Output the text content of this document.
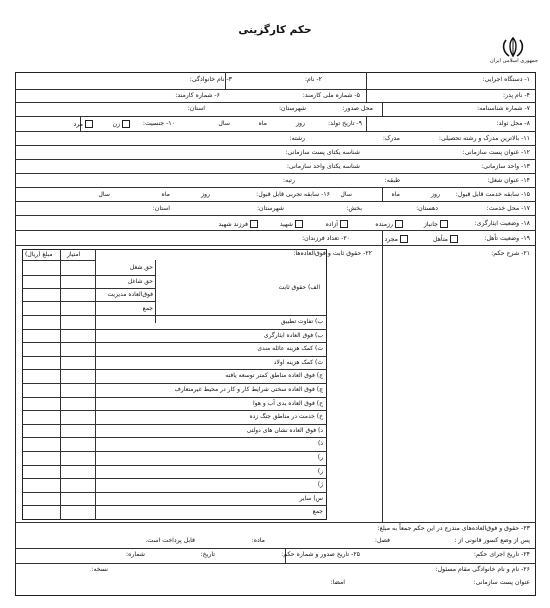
حکم کارگزینی
جمهوری اسلامی ایران
۱- دستگاه اجرایی:
۲- نام:
۳- نام خانوادگی:
۴- نام پدر:
۵- شماره ملی کارمند:
۶- شماره کارمند:
۷- شماره شناسنامه:
محل صدور:
شهرستان:
استان:
۸- محل تولد:
۹- تاریخ تولد:
روز
ماه
سال
۱۰- جنسیت:
زن
مرد
۱۱- بالاترین مدرک و رشته تحصیلی:
مدرک:
رشته:
۱۲- عنوان پست سازمانی:
شناسه یکتای پست سازمانی:
۱۳- واحد سازمانی:
شناسه یکتای واحد سازمانی:
۱۴- عنوان شغل:
طبقه:
رتبه:
۱۵- سابقه خدمت قابل قبول:
روز
ماه
سال
۱۶- سابقه تجربی قابل قبول:
روز
ماه
سال
۱۷- محل خدمت:
دهستان:
بخش:
شهرستان:
استان:
۱۸- وضعیت ایثارگری:
جانباز
رزمنده
آزاده
شهید
فرزند شهید
۱۹- وضعیت تأهل:
متأهل
مجرد
۲۰- تعداد فرزندان:
۲۱- شرح حکم:
۲۲- حقوق ثابت و فوق‌العاده‌ها:
مبلغ (ریال) امتیاز
حق شغل
حق شاغل
فوق‌العاده مدیریت
جمع
الف) حقوق ثابت
۲۳- حقوق و فوق‌العاده‌های مندرج در این حکم جمعاً به مبلغ:
پس از وضع کسور قانونی از :
فصل:
ماده:
قابل پرداخت است.
۲۴- تاریخ اجرای حکم:
۲۵- تاریخ صدور و شماره حکم:
تاریخ:
شماره:
۲۶- نام و نام خانوادگی مقام مسئول:
نسخه:
عنوان پست سازمانی:
امضا:
ب) تفاوت تطبیق
ب) فوق العاده ایثارگری
ت) کمک هزینه عائله مندی
ث) کمک هزینه اولاد
ج) فوق العاده مناطق کمتر توسعه یافته
چ) فوق العاده سختی شرایط کار و کار در محیط غیرمتعارف
ح) فوق العاده بدی آب و هوا
خ) خدمت در مناطق جنگ زده
د) فوق العاده نشان های دولتی
ذ)
ر)
ز)
ژ)
س) سایر
جمع
